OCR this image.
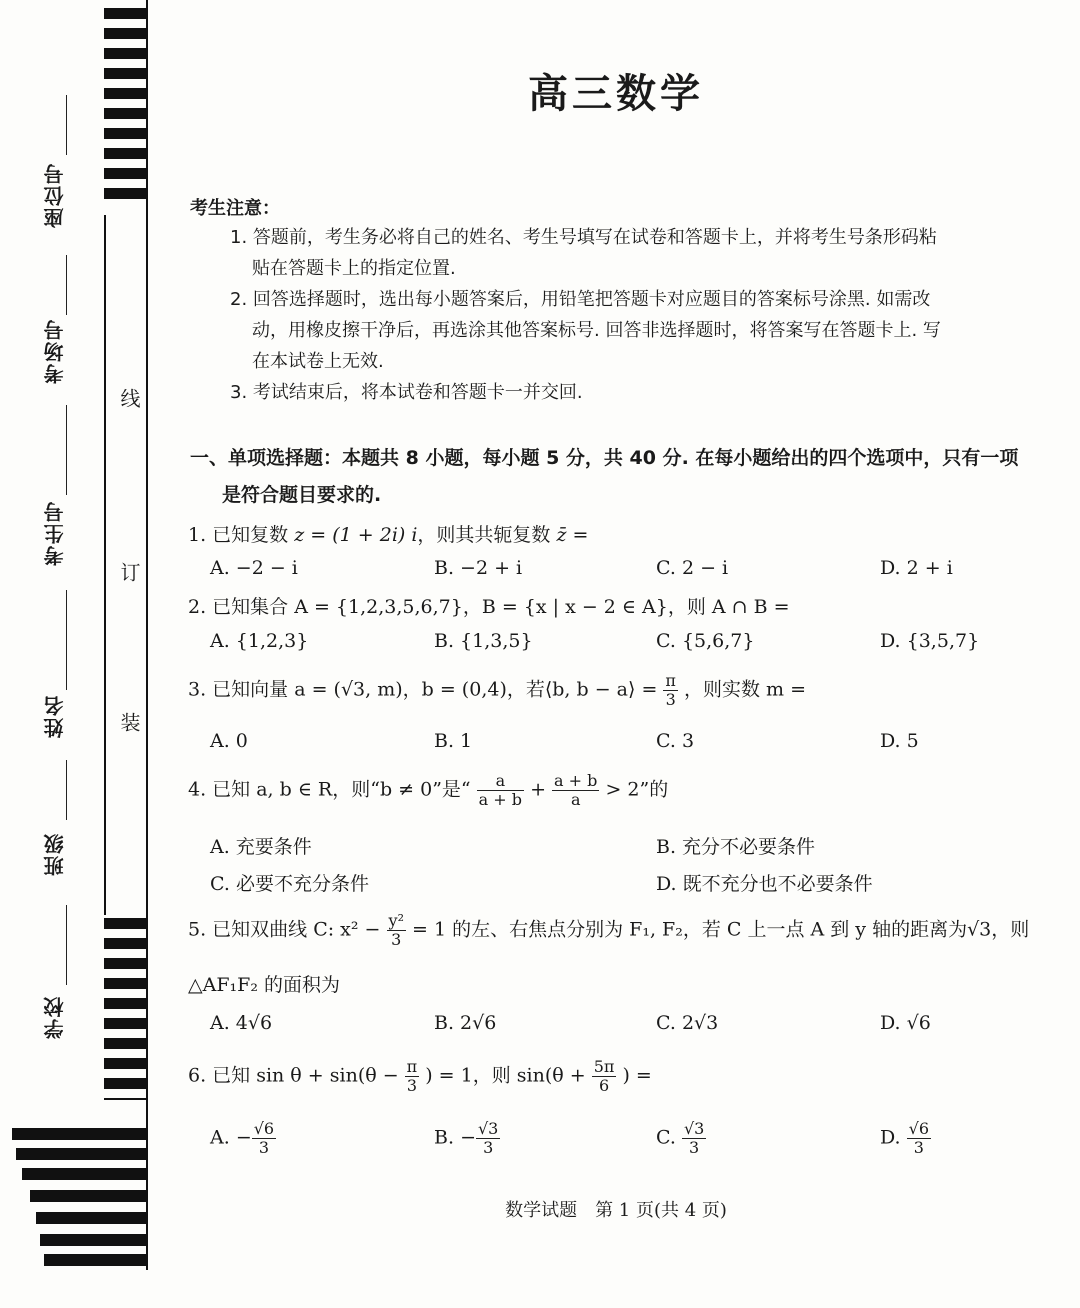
座位号
考场号
考生号
姓名
班级
学校
线
订
装
高三数学
考生注意：
1. 答题前，考生务必将自己的姓名、考生号填写在试卷和答题卡上，并将考生号条形码粘
贴在答题卡上的指定位置.
2. 回答选择题时，选出每小题答案后，用铅笔把答题卡对应题目的答案标号涂黑. 如需改
动，用橡皮擦干净后，再选涂其他答案标号. 回答非选择题时，将答案写在答题卡上. 写
在本试卷上无效.
3. 考试结束后，将本试卷和答题卡一并交回.
一、单项选择题：本题共 8 小题，每小题 5 分，共 40 分. 在每小题给出的四个选项中，只有一项
是符合题目要求的.
1. 已知复数 z = (1 + 2i) i，则其共轭复数 z̄ =
A. −2 − i	B. −2 + i	C. 2 − i	D. 2 + i
2. 已知集合 A = {1,2,3,5,6,7}，B = {x | x − 2 ∈ A}，则 A ∩ B =
A. {1,2,3}	B. {1,3,5}	C. {5,6,7}	D. {3,5,7}
3. 已知向量 a = (√3, m)，b = (0,4)，若⟨b, b − a⟩ = $\frac{\pi}{3}$ ，则实数 m =
A. 0	B. 1	C. 3	D. 5
4. 已知 a, b ∈ R，则“b ≠ 0”是“ $\frac{a}{a + b} + \frac{a + b}{a} > 2$”的
A. 充要条件	B. 充分不必要条件
C. 必要不充分条件	D. 既不充分也不必要条件
5. 已知双曲线 C: $x^2 - \frac{\text{y²}}{3} = 1$ 的左、右焦点分别为 F₁, F₂，若 C 上一点 A 到 y 轴的距离为√3，则
△AF₁F₂ 的面积为
A. 4√6	B. 2√6	C. 2√3	D. √6
6. 已知 $\sin \theta + \sin(\theta - \frac{\pi}{3}$ ) = 1，则 $\sin(\theta + \frac{5\pi}{6}$ ) =
A. − $\frac{√6}{3}$	B. − $\frac{√3}{3}$	C. $\frac{√3}{3}$	D. $\frac{√6}{3}$
数学试题　第 1 页(共 4 页)
